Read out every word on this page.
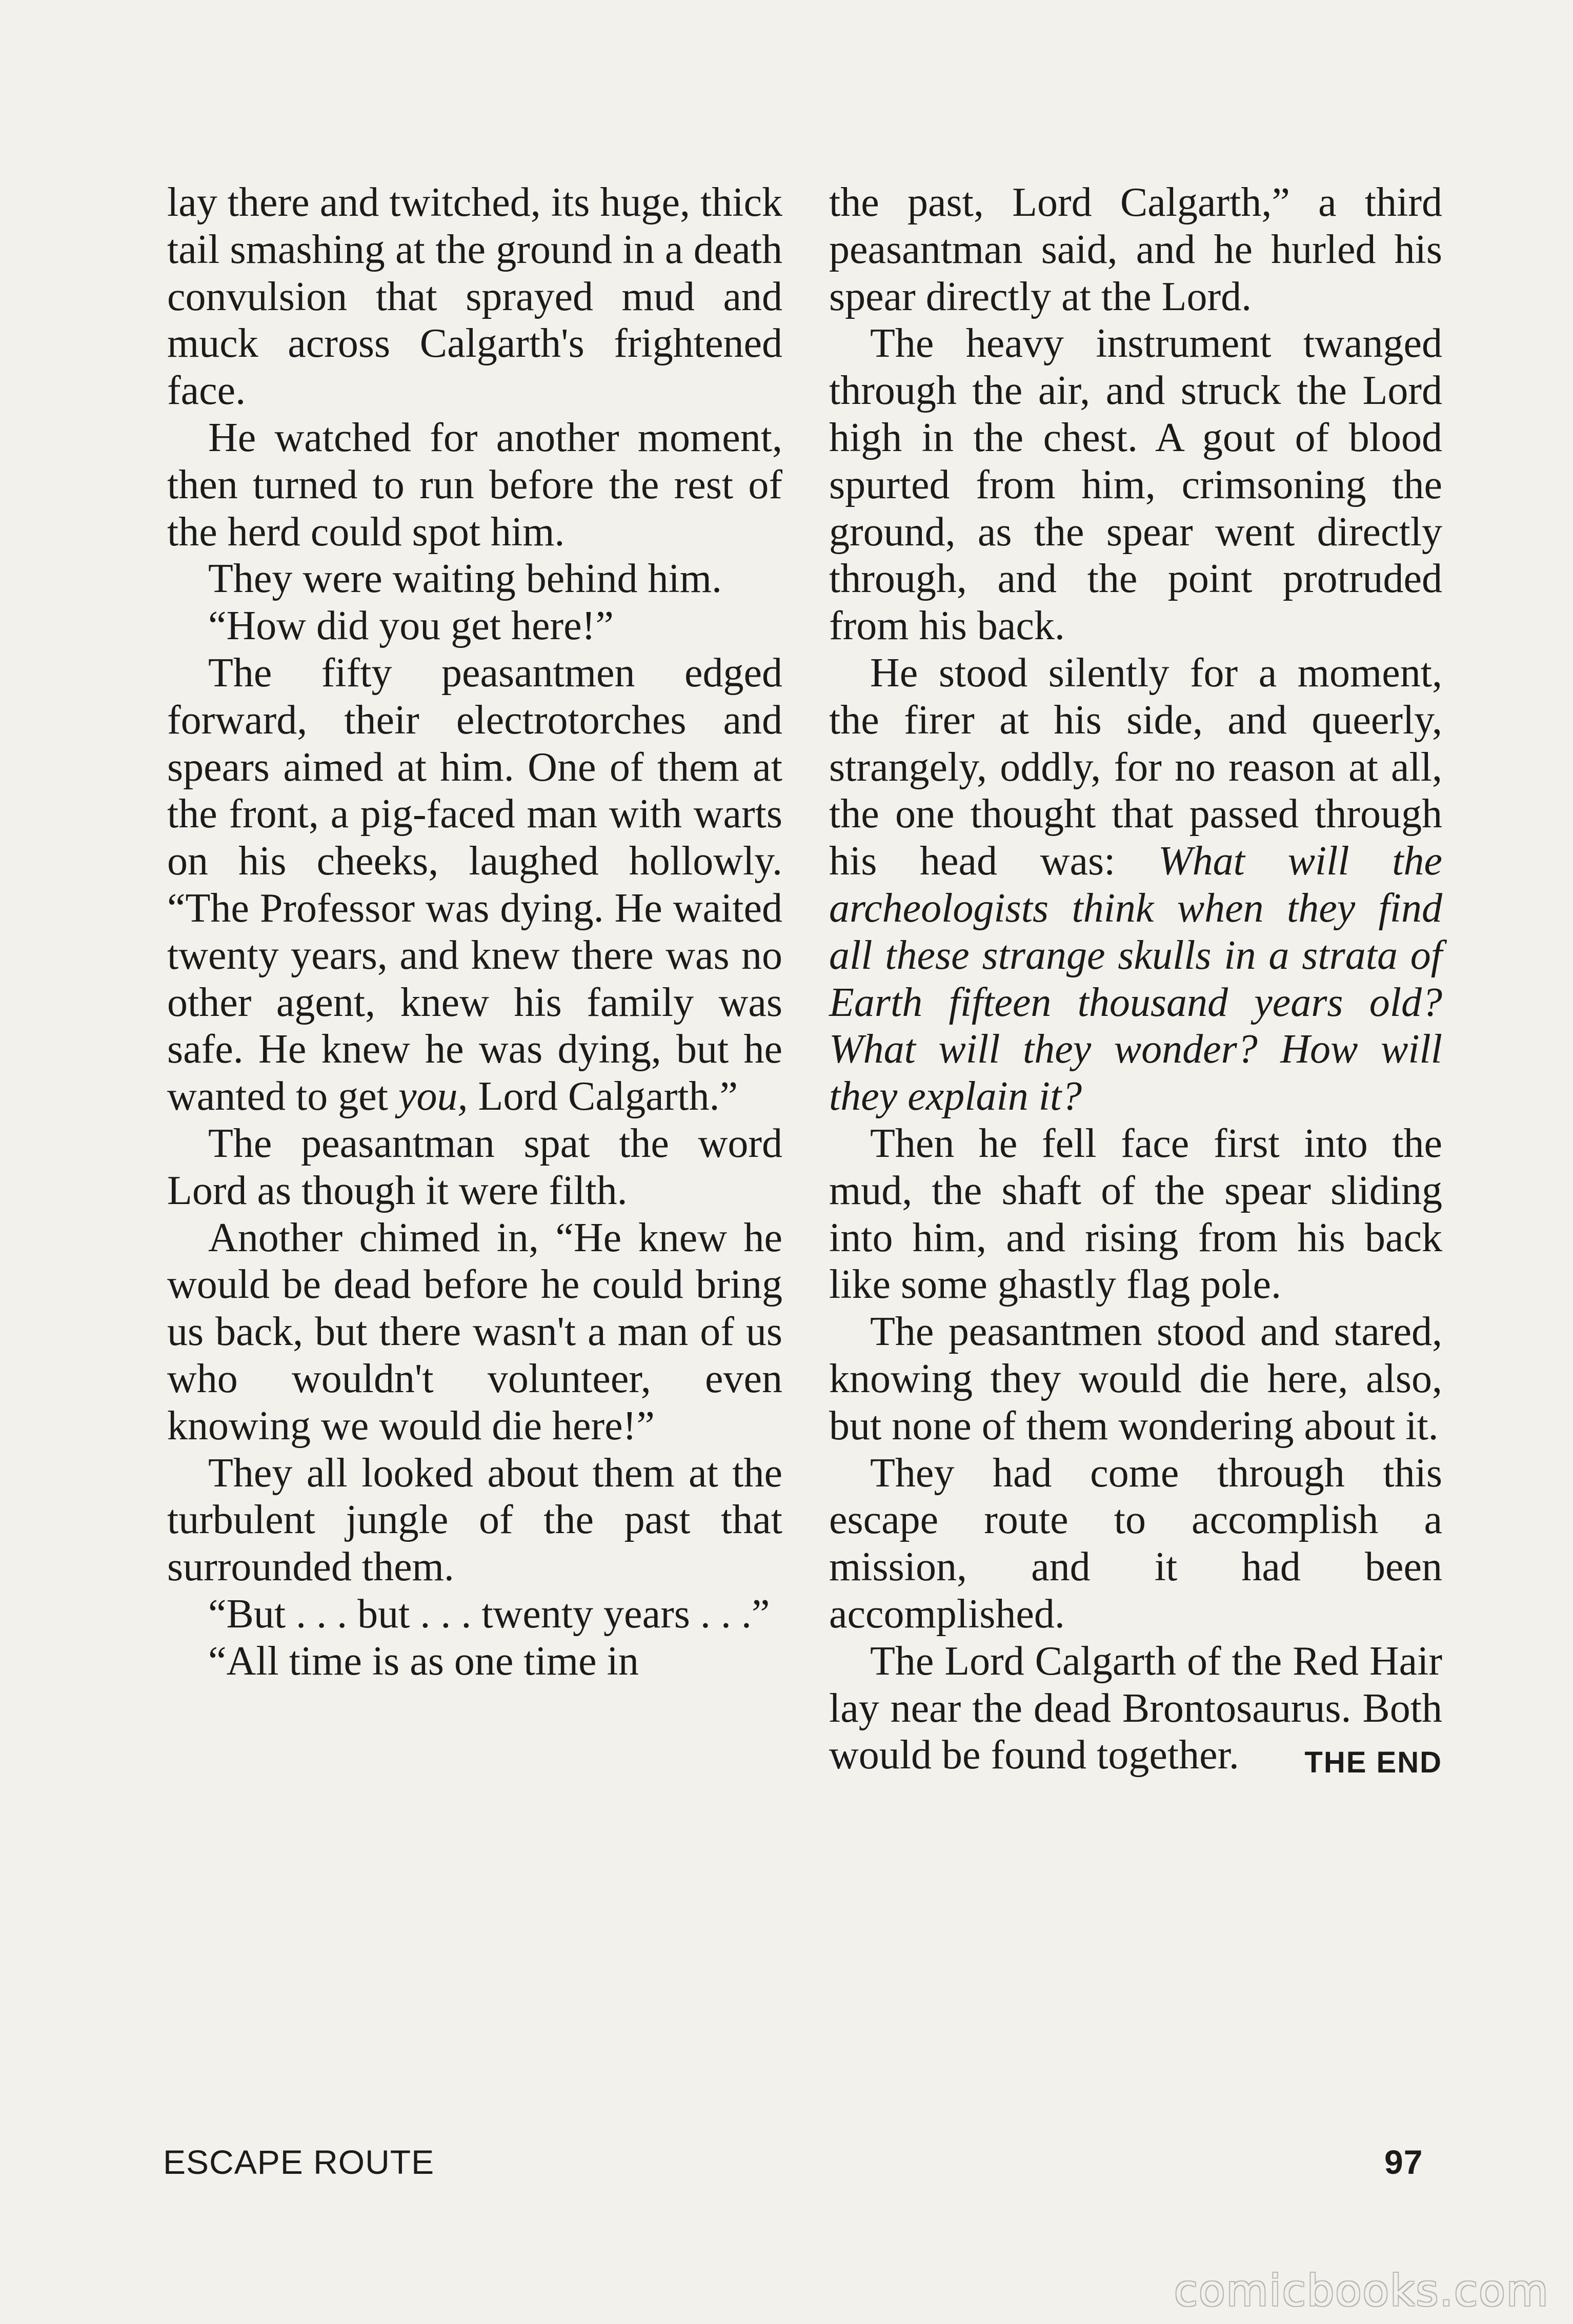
lay there and twitched, its huge, thick tail smashing at the ground in a death convulsion that sprayed mud and muck across Calgarth's frightened face.

He watched for another moment, then turned to run before the rest of the herd could spot him.

They were waiting behind him.

“How did you get here!”

The fifty peasantmen edged forward, their electrotorches and spears aimed at him. One of them at the front, a pig-faced man with warts on his cheeks, laughed hollowly. “The Professor was dying. He waited twenty years, and knew there was no other agent, knew his family was safe. He knew he was dying, but he wanted to get you, Lord Calgarth.”

The peasantman spat the word Lord as though it were filth.

Another chimed in, “He knew he would be dead before he could bring us back, but there wasn't a man of us who wouldn't volunteer, even knowing we would die here!”

They all looked about them at the turbulent jungle of the past that surrounded them.

“But . . . but . . . twenty years . . .”

“All time is as one time in

the past, Lord Calgarth,” a third peasantman said, and he hurled his spear directly at the Lord.

The heavy instrument twanged through the air, and struck the Lord high in the chest. A gout of blood spurted from him, crimsoning the ground, as the spear went directly through, and the point protruded from his back.

He stood silently for a moment, the firer at his side, and queerly, strangely, oddly, for no reason at all, the one thought that passed through his head was: What will the archeologists think when they find all these strange skulls in a strata of Earth fifteen thousand years old? What will they wonder? How will they explain it?

Then he fell face first into the mud, the shaft of the spear sliding into him, and rising from his back like some ghastly flag pole.

The peasantmen stood and stared, knowing they would die here, also, but none of them wondering about it.

They had come through this escape route to accomplish a mission, and it had been accomplished.

The Lord Calgarth of the Red Hair lay near the dead Brontosaurus. Both would be found together.	THE END

ESCAPE ROUTE	97
comicbooks.com
